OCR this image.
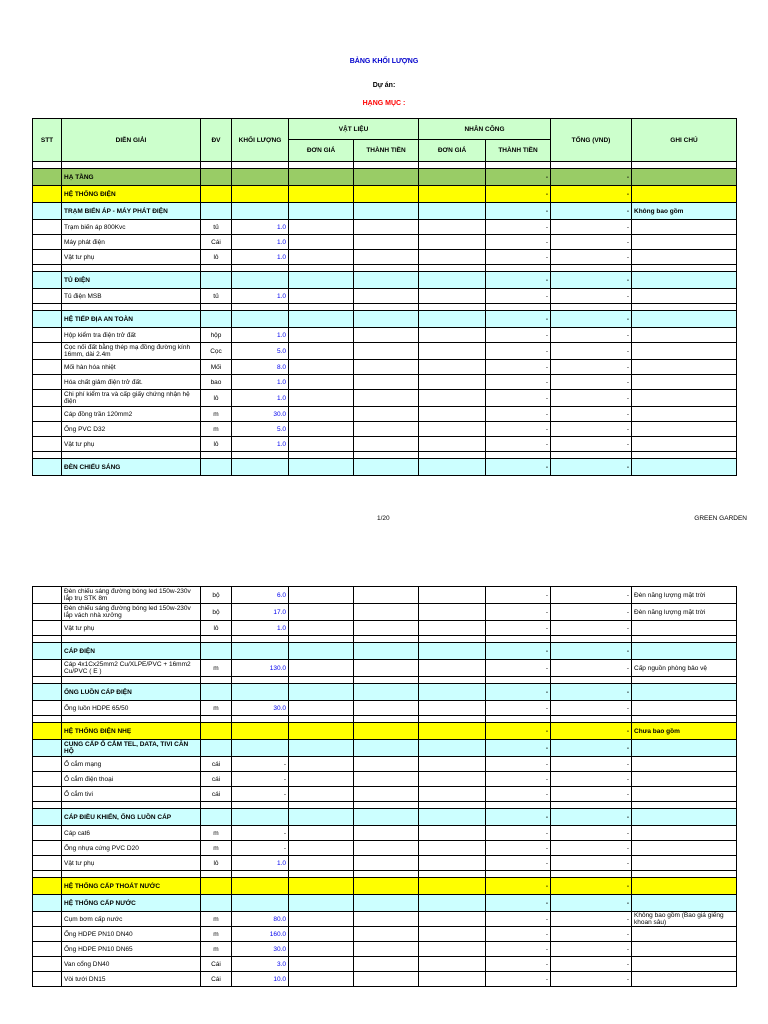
BẢNG KHỐI LƯỢNG
Dự án:
HẠNG MỤC :
STT	DIỄN GIẢI	ĐV	KHỐI LƯỢNG	VẬT LIỆU		NHÂN CÔNG		TỔNG (VND)	GHI CHÚ
				ĐƠN GIÁ	THÀNH TIỀN	ĐƠN GIÁ	THÀNH TIỀN		

	HẠ TẦNG						-	-	
	HỆ THỐNG ĐIỆN						-	-	
	TRẠM BIẾN ÁP - MÁY PHÁT ĐIỆN						-	-	Không bao gồm
	Trạm biến áp 800Kvc	tủ	1.0				-	-	
	Máy phát điện	Cái	1.0				-	-	
	Vật tư phụ	lô	1.0				-	-	

	TỦ ĐIỆN						-	-	
	Tủ điện MSB	tủ	1.0				-	-	

	HỆ TIẾP ĐỊA AN TOÀN						-	-	
	Hộp kiểm tra điện trở đất	hộp	1.0				-	-	
	Cọc nối đất bằng thép mạ đồng đường kính 16mm, dài 2.4m	Cọc	5.0				-	-	
	Mối hàn hóa nhiệt	Mối	8.0				-	-	
	Hóa chất giảm điện trở đất.	bao	1.0				-	-	
	Chi phí kiểm tra và cấp giấy chứng nhận hệ điện	lô	1.0				-	-	
	Cáp đồng trần 120mm2	m	30.0				-	-	
	Ống PVC D32	m	5.0				-	-	
	Vật tư phụ	lô	1.0				-	-	

	ĐÈN CHIẾU SÁNG						-	-	
1/20	GREEN GARDEN
	Đèn chiếu sáng đường bóng led 150w-230v lắp trụ STK 8m	bộ	6.0				-	-	Đèn năng lượng mặt trời
	Đèn chiếu sáng đường bóng led 150w-230v lắp vách nhà xưởng	bộ	17.0				-	-	Đèn năng lượng mặt trời
	Vật tư phụ	lô	1.0				-	-	

	CÁP ĐIỆN						-	-	
	Cáp 4x1Cx25mm2 Cu/XLPE/PVC + 16mm2 Cu/PVC ( E )	m	130.0				-	-	Cấp nguồn phòng bảo vệ

	ỐNG LUỒN CÁP ĐIỆN						-	-	
	Ống luồn HDPE 65/50	m	30.0				-	-	

	HỆ THỐNG ĐIỆN NHẸ						-	-	Chưa bao gồm
	CUNG CẤP Ổ CẮM TEL, DATA, TIVI CĂN HỘ						-	-	
	Ổ cắm mạng	cái	-				-	-	
	Ổ cắm điện thoại	cái	-				-	-	
	Ổ cắm tivi	cái	-				-	-	

	CÁP ĐIỀU KHIỂN, ỐNG LUỒN CÁP						-	-	
	Cáp cat6	m	-				-	-	
	Ống nhựa cứng PVC D20	m	-				-	-	
	Vật tư phụ	lô	1.0				-	-	

	HỆ THỐNG CẤP THOÁT NƯỚC						-	-	
	HỆ THỐNG CẤP NƯỚC						-	-	
	Cụm bơm cấp nước	m	80.0				-	-	Không bao gồm (Bao giá giếng khoan sâu)
	Ống HDPE PN10 DN40	m	160.0				-	-	
	Ống HDPE PN10 DN65	m	30.0				-	-	
	Van cổng DN40	Cái	3.0				-	-	
	Vòi tưới DN15	Cái	10.0				-	-	
